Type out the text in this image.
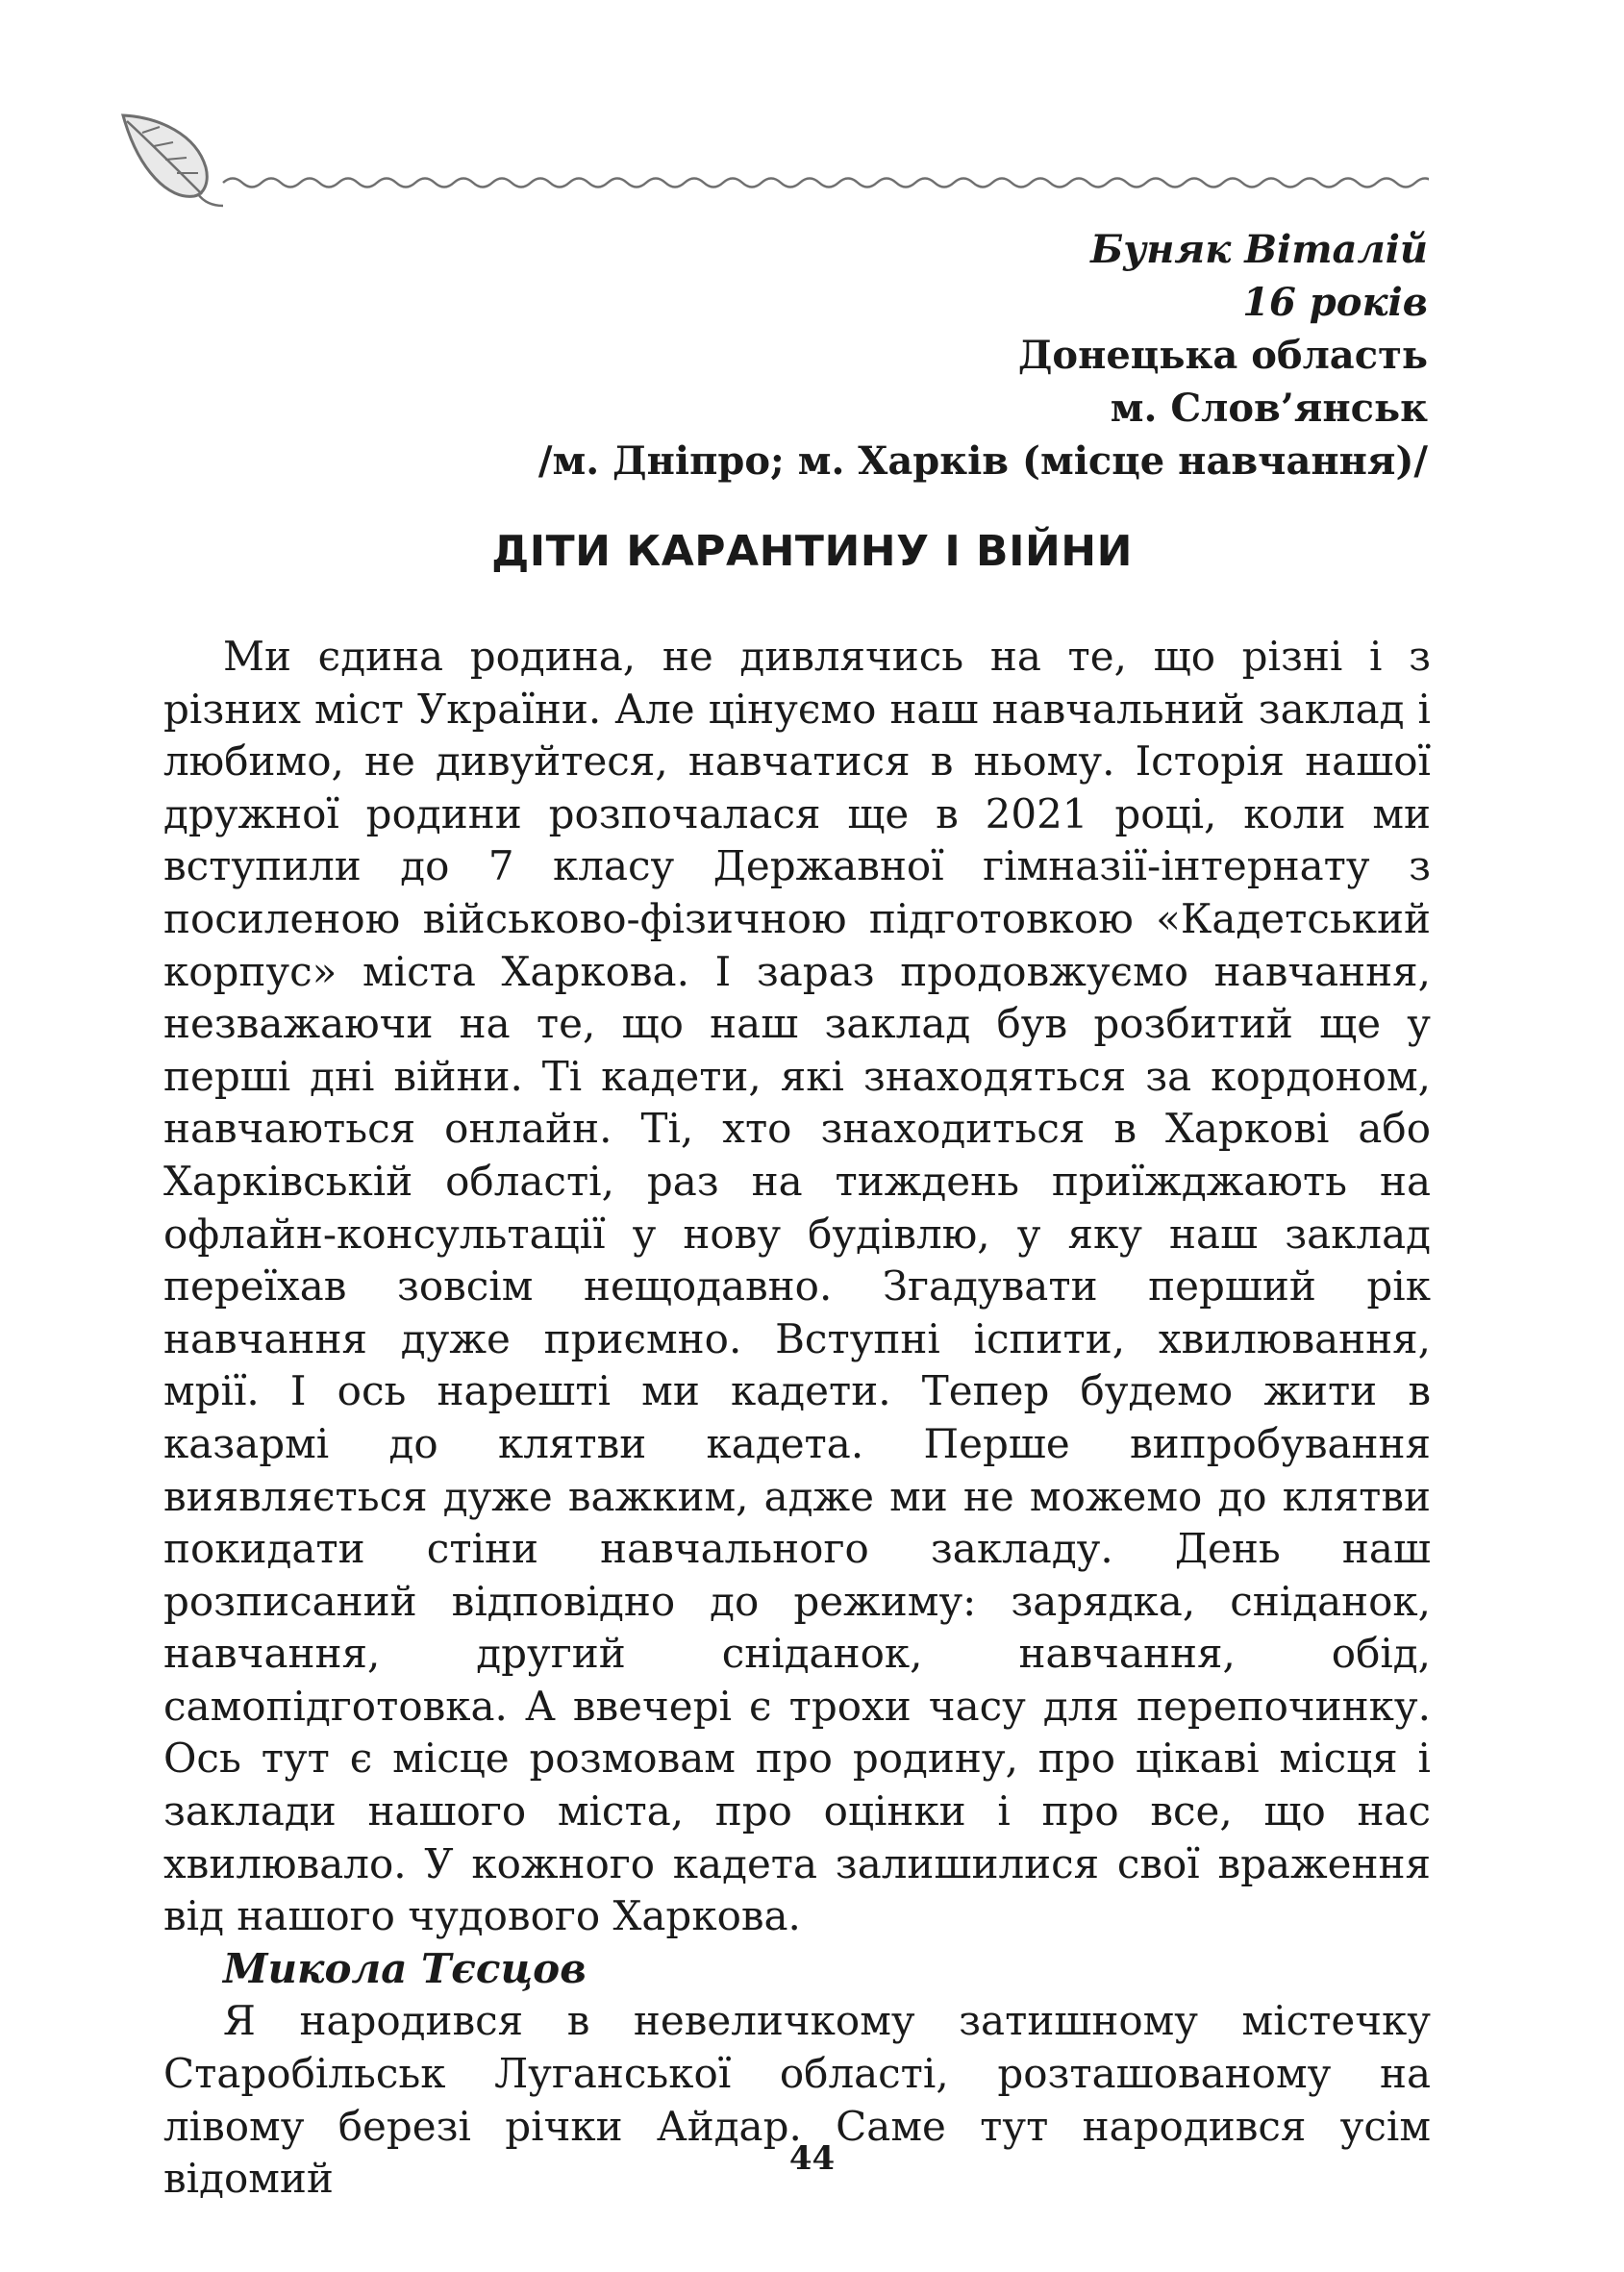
Буняк Віталій
16 років
Донецька область
м. Слов’янськ
/м. Дніпро; м. Харків (місце навчання)/
ДІТИ КАРАНТИНУ І ВІЙНИ

Ми єдина родина, не дивлячись на те, що різні і з різних міст України. Але цінуємо наш навчальний заклад і любимо, не дивуйтеся, навчатися в ньому. Історія нашої дружної родини розпочалася ще в 2021 році, коли ми вступили до 7 класу Державної гімназії-інтернату з посиленою військово-фізичною підготовкою «Кадетський корпус» міста Харкова. І зараз продовжуємо навчання, незважаючи на те, що наш заклад був розбитий ще у перші дні війни. Ті кадети, які знаходяться за кордоном, навчаються онлайн. Ті, хто знаходиться в Харкові або Харківській області, раз на тиждень приїжджають на офлайн-консультації у нову будівлю, у яку наш заклад переїхав зовсім нещодавно. Згадувати перший рік навчання дуже приємно. Вступні іспити, хвилювання, мрії. І ось нарешті ми кадети. Тепер будемо жити в казармі до клятви кадета. Перше випробування виявляється дуже важким, адже ми не можемо до клятви покидати стіни навчального закладу. День наш розписаний відповідно до режиму: зарядка, сніданок, навчання, другий сніданок, навчання, обід, самопідготовка. А ввечері є трохи часу для перепочинку. Ось тут є місце розмовам про родину, про цікаві місця і заклади нашого міста, про оцінки і про все, що нас хвилювало. У кожного кадета залишилися свої враження від нашого чудового Харкова.

Микола Тєсцов

Я народився в невеличкому затишному містечку Старобільськ Луганської області, розташованому на лівому березі річки Айдар. Саме тут народився усім відомий	44
